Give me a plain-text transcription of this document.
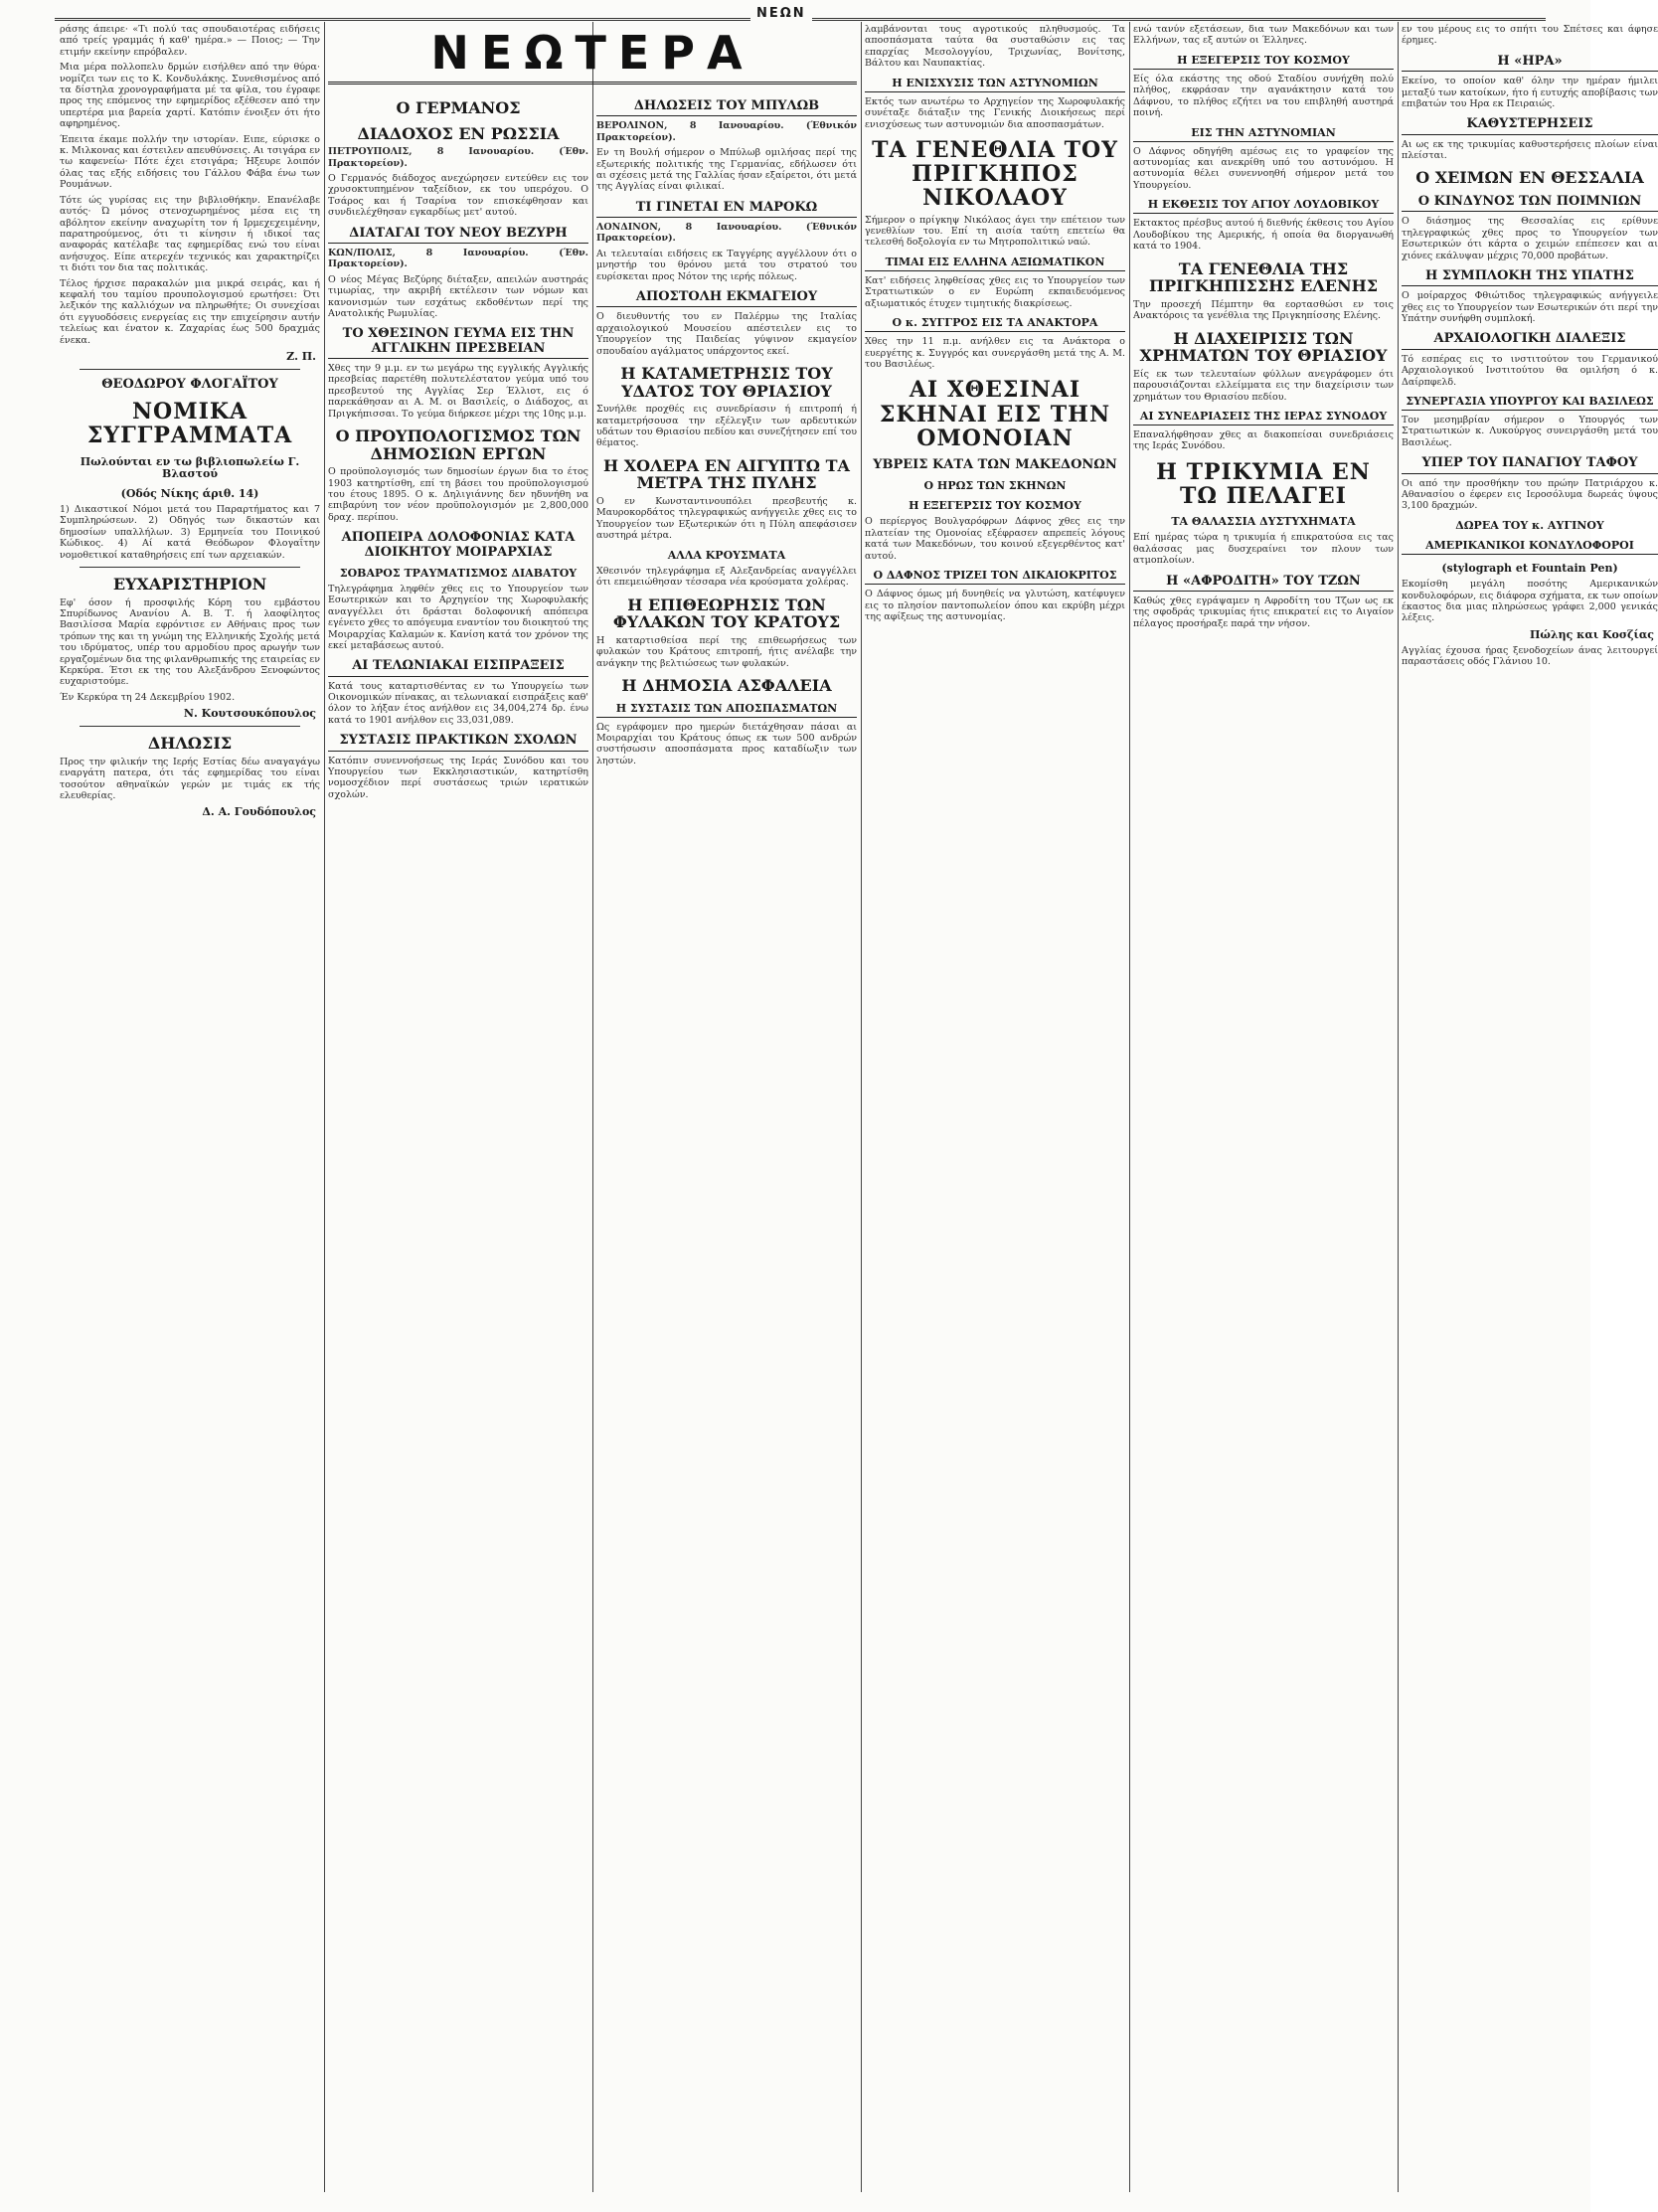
ΝΕΩΝ
ΝΕΩΤΕΡΑ

ράσης άπειρε· «Τι πολύ τας σπουδαιοτέρας ειδήσεις από τρείς γραμμάς ή καθ' ημέρα.» — Ποιος; — Την ετιμήν εκείνην επρόβαλεν.

Μια μέρα πολλοπελυ δρμών εισήλθεν από την θύρα· νομίζει των εις το Κ. Κονδυλάκης. Συνεθισμένος από τα δίστηλα χρονογραφήματα μέ τα φίλα, του έγραφε προς της επόμενος την εφημερίδος εξέθεσεν από την υπερτέρα μια βαρεία χαρτί. Κατόπιν ένοιξεν ότι ήτο αφηρημένος.

Έπειτα έκαμε πολλήν την ιστορίαν. Ειπε, εύρισκε ο κ. Μιλκονας και έστειλεν απευθύνσεις. Αι τσιγάρα εν τω καφενείω· Πότε έχει ετσιγάρα; Ήξευρε λοιπόν όλας τας εξής ειδήσεις του Γάλλου Φάβα ένω των Ρουμάνων.

Τότε ώς γυρίσας εις την βιβλιοθήκην. Επανέλαβε αυτός· Ώ μόνος στενοχωρημένος μέσα εις τη αβόλητον εκείνην αναχωρίτη τον ή Ιρμεχεχειμένην, παρατηρούμενος, ότι τι κίνησιν ή ιδικοί τας αναφοράς κατέλαβε τας εφημερίδας ενώ του είναι ανήσυχος. Είπε ατερεχέν τεχνικός και χαρακτηρίζει τι διότι τον δια τας πολιτικάς.

Τέλος ήρχισε παρακαλών μια μικρά σειράς, και ή κεφαλή του ταμίου προυπολογισμού ερωτήσει: Ότι λεξικόν της καλλιόχων να πληρωθήτε; Οι συνεχίσαι ότι εγγυοδόσεις ενεργείας εις την επιχείρησιν αυτήν τελείως και ένατον κ. Ζαχαρίας έως 500 δραχμάς ένεκα.

Ζ. Π.
ΘΕΟΔΩΡΟΥ ΦΛΟΓΑΪΤΟΥ
ΝΟΜΙΚΑ ΣΥΓΓΡΑΜΜΑΤΑ
Πωλούνται εν τω βιβλιοπωλείω Γ. Βλαστού
(Οδός Νίκης άριθ. 14)

1) Δικαστικοί Νόμοι μετά του Παραρτήματος και 7 Συμπληρώσεων. 2) Οδηγός των δικαστών και δημοσίων υπαλλήλων. 3) Ερμηνεία του Ποινικού Κώδικος. 4) Αί κατά Θεόδωρον Φλογαΐτην νομοθετικοί καταθηρήσεις επί των αρχειακών.

ΕΥΧΑΡΙΣΤΗΡΙΟΝ

Εφ' όσον ή προσφιλής Κόρη του εμβάστου Σπυρίδωνος Ανανίου Α. Β. Τ. ή λαοφίλητος Βασιλίσσα Μαρία εφρόντισε εν Αθήναις προς των τρόπων της και τη γνώμη της Ελληνικής Σχολής μετά του ιδρύματος, υπέρ του αρμοδίου προς αρωγήν των εργαζομένων δια της φιλανθρωπικής της εταιρείας εν Κερκύρα. Έτσι εκ της του Αλεξάνδρου Ξενοφώντος ευχαριστούμε.

Έν Κερκύρα τη 24 Δεκεμβρίου 1902.

Ν. Κουτσουκόπουλος
ΔΗΛΩΣΙΣ

Προς την φιλικήν της Ιερής Εστίας δέω αναγαγάγω εναργάτη πατερα, ότι τάς εφημερίδας του είναι τοσούτον αθηναϊκών γερών με τιμάς εκ τής ελευθερίας.

Δ. Α. Γουδόπουλος
Ο ΓΕΡΜΑΝΟΣ
ΔΙΑΔΟΧΟΣ ΕΝ ΡΩΣΣΙΑ

ΠΕΤΡΟΥΠΟΛΙΣ, 8 Ιανουαρίου. (Έθν. Πρακτορείον).

Ο Γερμανός διάδοχος ανεχώρησεν εντεύθεν εις τον χρυσοκτυπημένον ταξείδιον, εκ του υπερόχου. Ο Τσάρος και ή Τσαρίνα τον επισκέφθησαν και συνδιελέχθησαν εγκαρδίως μετ' αυτού.

ΔΙΑΤΑΓΑΙ ΤΟΥ ΝΕΟΥ ΒΕΖΥΡΗ

ΚΩΝ/ΠΟΛΙΣ, 8 Ιανουαρίου. (Έθν. Πρακτορείον).

Ο νέος Μέγας Βεζύρης διέταξεν, απειλών αυστηράς τιμωρίας, την ακριβή εκτέλεσιν των νόμων και κανονισμών των εσχάτως εκδοθέντων περί της Ανατολικής Ρωμυλίας.

ΤΟ ΧΘΕΣΙΝΟΝ ΓΕΥΜΑ ΕΙΣ ΤΗΝ ΑΓΓΛΙΚΗΝ ΠΡΕΣΒΕΙΑΝ

Χθες την 9 μ.μ. εν τω μεγάρω της εγγλικής Αγγλικής πρεσβείας παρετέθη πολυτελέστατον γεύμα υπό του πρεσβευτού της Αγγλίας Σερ Έλλιοτ, εις ό παρεκάθησαν αι Α. Μ. οι Βασιλείς, ο Διάδοχος, αι Πριγκήπισσαι. Το γεύμα διήρκεσε μέχρι της 10ης μ.μ.

Ο ΠΡΟΥΠΟΛΟΓΙΣΜΟΣ ΤΩΝ ΔΗΜΟΣΙΩΝ ΕΡΓΩΝ

Ο προϋπολογισμός των δημοσίων έργων δια το έτος 1903 κατηρτίσθη, επί τη βάσει του προϋπολογισμού του έτους 1895. Ο κ. Δηλιγιάννης δεν ηδυνήθη να επιβαρύνη τον νέον προϋπολογισμόν με 2,800,000 δραχ. περίπου.

ΑΠΟΠΕΙΡΑ ΔΟΛΟΦΟΝΙΑΣ ΚΑΤΑ ΔΙΟΙΚΗΤΟΥ ΜΟΙΡΑΡΧΙΑΣ
ΣΟΒΑΡΟΣ ΤΡΑΥΜΑΤΙΣΜΟΣ ΔΙΑΒΑΤΟΥ

Τηλεγράφημα ληφθέν χθες εις το Υπουργείον των Εσωτερικών και το Αρχηγείον της Χωροφυλακής αναγγέλλει ότι δράσται δολοφονική απόπειρα εγένετο χθες το απόγευμα εναντίον του διοικητού της Μοιραρχίας Καλαμών κ. Κανίση κατά τον χρόνον της εκεί μεταβάσεως αυτού.

ΑΙ ΤΕΛΩΝΙΑΚΑΙ ΕΙΣΠΡΑΞΕΙΣ

Κατά τους καταρτισθέντας εν τω Υπουργείω των Οικονομικών πίνακας, αι τελωνιακαί εισπράξεις καθ' όλον το λήξαν έτος ανήλθον εις 34,004,274 δρ. ένω κατά το 1901 ανήλθον εις 33,031,089.

ΣΥΣΤΑΣΙΣ ΠΡΑΚΤΙΚΩΝ ΣΧΟΛΩΝ

Κατόπιν συνεννοήσεως της Ιεράς Συνόδου και του Υπουργείου των Εκκλησιαστικών, κατηρτίσθη νομοσχέδιον περί συστάσεως τριών ιερατικών σχολών.

ΔΗΛΩΣΕΙΣ ΤΟΥ ΜΠΥΛΩΒ

ΒΕΡΟΛΙΝΟΝ, 8 Ιανουαρίου. (Έθνικόν Πρακτορείον).

Εν τη Βουλή σήμερον ο Μπύλωβ ομιλήσας περί της εξωτερικής πολιτικής της Γερμανίας, εδήλωσεν ότι αι σχέσεις μετά της Γαλλίας ήσαν εξαίρετοι, ότι μετά της Αγγλίας είναι φιλικαί.

ΤΙ ΓΙΝΕΤΑΙ ΕΝ ΜΑΡΟΚΩ

ΛΟΝΔΙΝΟΝ, 8 Ιανουαρίου. (Έθνικόν Πρακτορείον).

Αι τελευταίαι ειδήσεις εκ Ταγγέρης αγγέλλουν ότι ο μνηστήρ του θρόνου μετά του στρατού του ευρίσκεται προς Νότον της ιερής πόλεως.

ΑΠΟΣΤΟΛΗ ΕΚΜΑΓΕΙΟΥ

Ο διευθυντής του εν Παλέρμω της Ιταλίας αρχαιολογικού Μουσείου απέστειλεν εις το Υπουργείον της Παιδείας γύψινον εκμαγείον σπουδαίου αγάλματος υπάρχοντος εκεί.

Η ΚΑΤΑΜΕΤΡΗΣΙΣ ΤΟΥ ΥΔΑΤΟΣ ΤΟΥ ΘΡΙΑΣΙΟΥ

Συνήλθε προχθές εις συνεδρίασιν ή επιτροπή ή καταμετρήσουσα την εξέλεγξιν των αρδευτικών υδάτων του Θριασίου πεδίου και συνεζήτησεν επί του θέματος.

Η ΧΟΛΕΡΑ ΕΝ ΑΙΓΥΠΤΩ ΤΑ ΜΕΤΡΑ ΤΗΣ ΠΥΛΗΣ

Ο εν Κωνσταντινουπόλει πρεσβευτής κ. Μαυροκορδάτος τηλεγραφικώς ανήγγειλε χθες εις το Υπουργείον των Εξωτερικών ότι η Πύλη απεφάσισεν αυστηρά μέτρα.

ΑΛΛΑ ΚΡΟΥΣΜΑΤΑ

Χθεσινόν τηλεγράφημα εξ Αλεξανδρείας αναγγέλλει ότι επεμειώθησαν τέσσαρα νέα κρούσματα χολέρας.

Η ΕΠΙΘΕΩΡΗΣΙΣ ΤΩΝ ΦΥΛΑΚΩΝ ΤΟΥ ΚΡΑΤΟΥΣ

Η καταρτισθείσα περί της επιθεωρήσεως των φυλακών του Κράτους επιτροπή, ήτις ανέλαβε την ανάγκην της βελτιώσεως των φυλακών.

Η ΔΗΜΟΣΙΑ ΑΣΦΑΛΕΙΑ
Η ΣΥΣΤΑΣΙΣ ΤΩΝ ΑΠΟΣΠΑΣΜΑΤΩΝ

Ως εγράφομεν προ ημερών διετάχθησαν πάσαι αι Μοιραρχίαι του Κράτους όπως εκ των 500 ανδρών συστήσωσιν αποσπάσματα προς καταδίωξιν των ληστών.

λαμβάνονται τους αγροτικούς πληθυσμούς. Τα αποσπάσματα ταύτα θα συσταθώσιν εις τας επαρχίας Μεσολογγίου, Τριχωνίας, Βονίτσης, Βάλτου και Ναυπακτίας.

Η ΕΝΙΣΧΥΣΙΣ ΤΩΝ ΑΣΤΥΝΟΜΙΩΝ

Εκτός των ανωτέρω το Αρχηγείον της Χωροφυλακής συνέταξε διάταξιν της Γενικής Διοικήσεως περί ενισχύσεως των αστυνομιών δια αποσπασμάτων.

ΤΑ ΓΕΝΕΘΛΙΑ ΤΟΥ ΠΡΙΓΚΗΠΟΣ ΝΙΚΟΛΑΟΥ

Σήμερον ο πρίγκηψ Νικόλαος άγει την επέτειον των γενεθλίων του. Επί τη αισία ταύτη επετείω θα τελεσθή δοξολογία εν τω Μητροπολιτικώ ναώ.

ΤΙΜΑΙ ΕΙΣ ΕΛΛΗΝΑ ΑΞΙΩΜΑΤΙΚΟΝ

Κατ' ειδήσεις ληφθείσας χθες εις το Υπουργείον των Στρατιωτικών ο εν Ευρώπη εκπαιδευόμενος αξιωματικός έτυχεν τιμητικής διακρίσεως.

Ο κ. ΣΥΓΓΡΟΣ ΕΙΣ ΤΑ ΑΝΑΚΤΟΡΑ

Χθες την 11 π.μ. ανήλθεν εις τα Ανάκτορα ο ευεργέτης κ. Συγγρός και συνεργάσθη μετά της Α. Μ. του Βασιλέως.

ΑΙ ΧΘΕΣΙΝΑΙ ΣΚΗΝΑΙ ΕΙΣ ΤΗΝ ΟΜΟΝΟΙΑΝ
ΥΒΡΕΙΣ ΚΑΤΑ ΤΩΝ ΜΑΚΕΔΟΝΩΝ
Ο ΗΡΩΣ ΤΩΝ ΣΚΗΝΩΝ
Η ΕΞΕΓΕΡΣΙΣ ΤΟΥ ΚΟΣΜΟΥ

Ο περίεργος Βουλγαρόφρων Δάφνος χθες εις την πλατείαν της Ομονοίας εξέφρασεν απρεπείς λόγους κατά των Μακεδόνων, του κοινού εξεγερθέντος κατ' αυτού.

Ο ΔΑΦΝΟΣ ΤΡΙΖΕΙ ΤΟΝ ΔΙΚΑΙΟΚΡΙΤΟΣ

Ο Δάφνος όμως μή δυνηθείς να γλυτώση, κατέφυγεν εις το πλησίον παντοπωλείον όπου και εκρύβη μέχρι της αφίξεως της αστυνομίας.

ενώ τανύν εξετάσεων, δια των Μακεδόνων και των Ελλήνων, τας εξ αυτών οι Έλληνες.

Η ΕΞΕΓΕΡΣΙΣ ΤΟΥ ΚΟΣΜΟΥ

Είς όλα εκάστης της οδού Σταδίου συνήχθη πολύ πλήθος, εκφράσαν την αγανάκτησιν κατά του Δάφνου, το πλήθος εζήτει να του επιβληθή αυστηρά ποινή.

ΕΙΣ ΤΗΝ ΑΣΤΥΝΟΜΙΑΝ

Ο Δάφνος οδηγήθη αμέσως εις το γραφείον της αστυνομίας και ανεκρίθη υπό του αστυνόμου. Η αστυνομία θέλει συνεννοηθή σήμερον μετά του Υπουργείου.

Η ΕΚΘΕΣΙΣ ΤΟΥ ΑΓΙΟΥ ΛΟΥΔΟΒΙΚΟΥ

Εκτακτος πρέσβυς αυτού ή διεθνής έκθεσις του Αγίου Λουδοβίκου της Αμερικής, ή οποία θα διοργανωθή κατά το 1904.

ΤΑ ΓΕΝΕΘΛΙΑ ΤΗΣ ΠΡΙΓΚΗΠΙΣΣΗΣ ΕΛΕΝΗΣ

Την προσεχή Πέμπτην θα εορτασθώσι εν τοις Ανακτόροις τα γενέθλια της Πριγκηπίσσης Ελένης.

Η ΔΙΑΧΕΙΡΙΣΙΣ ΤΩΝ ΧΡΗΜΑΤΩΝ ΤΟΥ ΘΡΙΑΣΙΟΥ

Είς εκ των τελευταίων φύλλων ανεγράφομεν ότι παρουσιάζονται ελλείμματα εις την διαχείρισιν των χρημάτων του Θριασίου πεδίου.

ΑΙ ΣΥΝΕΔΡΙΑΣΕΙΣ ΤΗΣ ΙΕΡΑΣ ΣΥΝΟΔΟΥ

Επαναλήφθησαν χθες αι διακοπείσαι συνεδριάσεις της Ιεράς Συνόδου.

Η ΤΡΙΚΥΜΙΑ ΕΝ ΤΩ ΠΕΛΑΓΕΙ
ΤΑ ΘΑΛΑΣΣΙΑ ΔΥΣΤΥΧΗΜΑΤΑ

Επί ημέρας τώρα η τρικυμία ή επικρατούσα εις τας θαλάσσας μας δυσχεραίνει τον πλουν των ατμοπλοίων.

Η «ΑΦΡΟΔΙΤΗ» ΤΟΥ ΤΖΩΝ

Καθώς χθες εγράψαμεν η Αφροδίτη του Τζων ως εκ της σφοδράς τρικυμίας ήτις επικρατεί εις το Αιγαίον πέλαγος προσήραξε παρά την νήσον.

εν του μέρους εις το σπήτι του Σπέτσες και άφησε έρημες.

Η «ΗΡΑ»

Εκείνο, το οποίον καθ' όλην την ημέραν ήμιλει μεταξύ των κατοίκων, ήτο ή ευτυχής αποβίβασις των επιβατών του Ηρα εκ Πειραιώς.

ΚΑΘΥΣΤΕΡΗΣΕΙΣ

Αι ως εκ της τρικυμίας καθυστερήσεις πλοίων είναι πλείσται.

Ο ΧΕΙΜΩΝ ΕΝ ΘΕΣΣΑΛΙΑ
Ο ΚΙΝΔΥΝΟΣ ΤΩΝ ΠΟΙΜΝΙΩΝ

Ο διάσημος της Θεσσαλίας εις ερίθυνε τηλεγραφικώς χθες προς το Υπουργείον των Εσωτερικών ότι κάρτα ο χειμών επέπεσεν και αι χιόνες εκάλυψαν μέχρις 70,000 προβάτων.

Η ΣΥΜΠΛΟΚΗ ΤΗΣ ΥΠΑΤΗΣ

Ο μοίραρχος Φθιώτιδος τηλεγραφικώς ανήγγειλε χθες εις το Υπουργείον των Εσωτερικών ότι περί την Υπάτην συνήφθη συμπλοκή.

ΑΡΧΑΙΟΛΟΓΙΚΗ ΔΙΑΛΕΞΙΣ

Τό εσπέρας εις το ινστιτούτον του Γερμανικού Αρχαιολογικού Ινστιτούτου θα ομιλήση ό κ. Δαίρπφελδ.

ΣΥΝΕΡΓΑΣΙΑ ΥΠΟΥΡΓΟΥ ΚΑΙ ΒΑΣΙΛΕΩΣ

Τον μεσημβρίαν σήμερον ο Υπουργός των Στρατιωτικών κ. Λυκούργος συνειργάσθη μετά του Βασιλέως.

ΥΠΕΡ ΤΟΥ ΠΑΝΑΓΙΟΥ ΤΑΦΟΥ

Οι από την προσθήκην του πρώην Πατριάρχου κ. Αθανασίου ο έφερεν εις Ιεροσόλυμα δωρεάς ύψους 3,100 δραχμών.

ΔΩΡΕΑ ΤΟΥ κ. ΑΥΓΙΝΟΥ
ΑΜΕΡΙΚΑΝΙΚΟΙ ΚΟΝΔΥΛΟΦΟΡΟΙ
(stylograph et Fountain Pen)

Εκομίσθη μεγάλη ποσότης Αμερικανικών κονδυλοφόρων, εις διάφορα σχήματα, εκ των οποίων έκαστος δια μιας πληρώσεως γράφει 2,000 γενικάς λέξεις.

Πώλης και Κοσζίας

Αγγλίας έχουσα ήρας ξενοδοχείων άνας λειτουργεί παραστάσεις οδός Γλάνιου 10.
